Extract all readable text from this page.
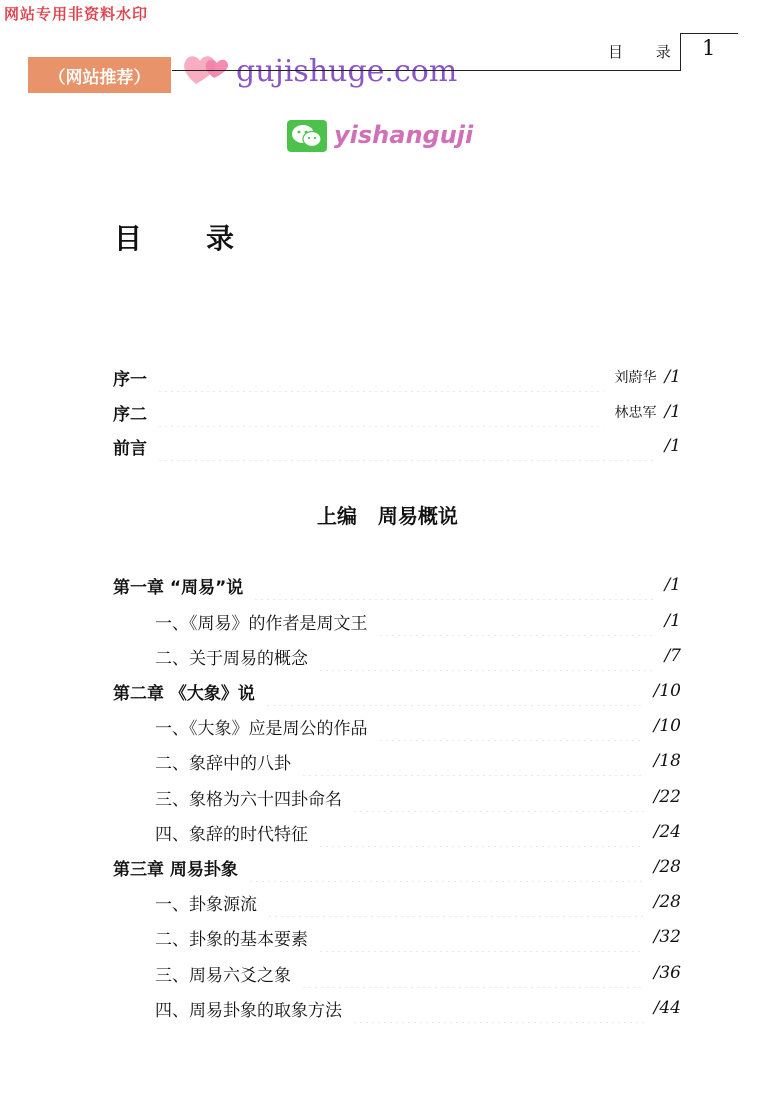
网站专用非资料水印
（网站推荐）	gujishuge.com
yishanguji
目 录 1
目录
序一	刘蔚华 /1
序二	林忠军 /1
前言	/1
上编   周易概说
第一章 “周易”说	/1
一、《周易》的作者是周文王	/1
二、关于周易的概念	/7
第二章 《大象》说	/10
一、《大象》应是周公的作品	/10
二、象辞中的八卦	/18
三、象格为六十四卦命名	/22
四、象辞的时代特征	/24
第三章 周易卦象	/28
一、卦象源流	/28
二、卦象的基本要素	/32
三、周易六爻之象	/36
四、周易卦象的取象方法	/44
